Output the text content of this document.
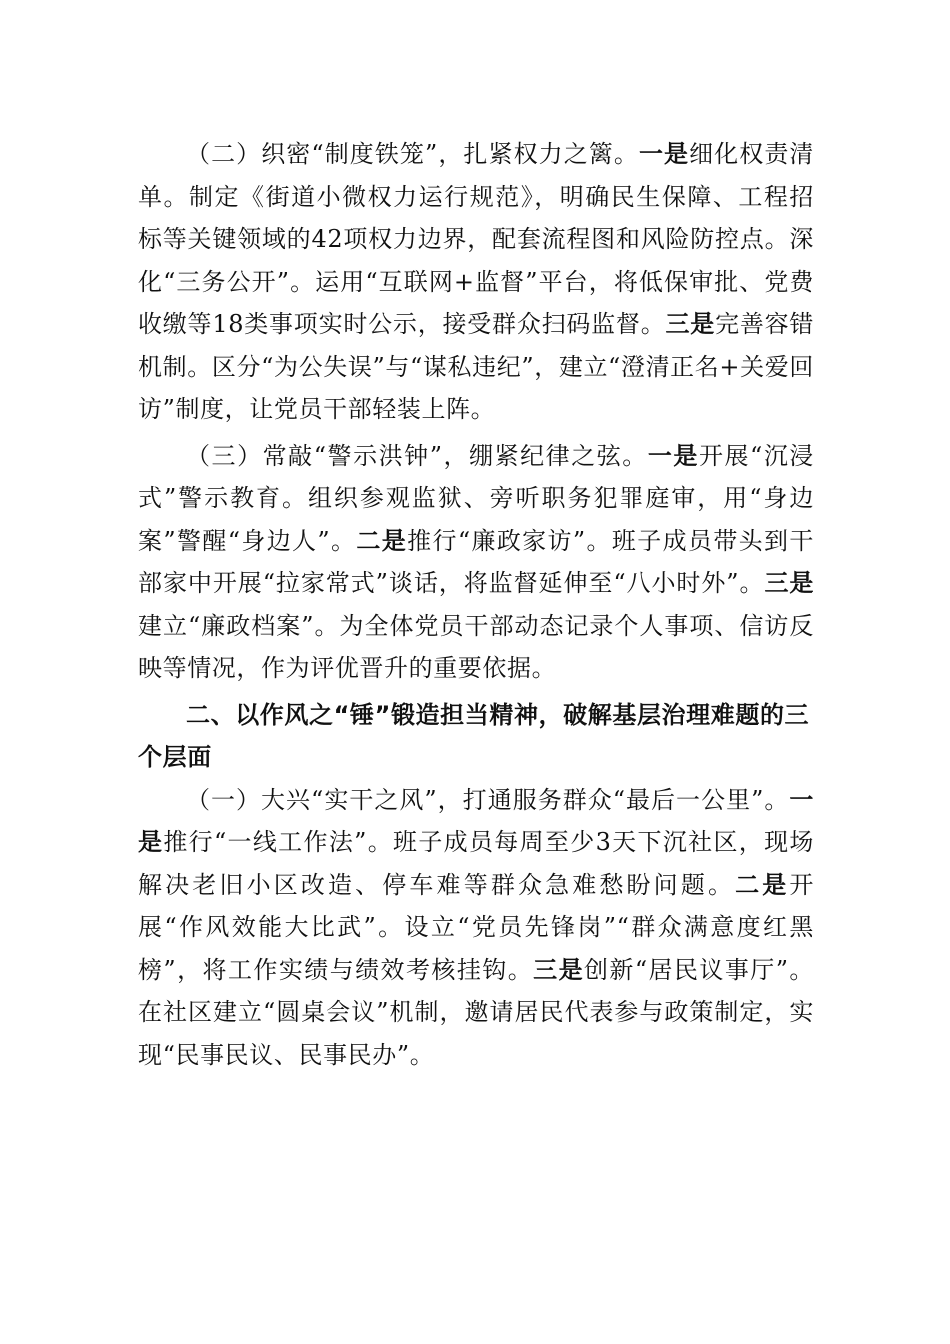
（二）织密“制度铁笼”，扎紧权力之篱。一是细化权责清单。制定《街道小微权力运行规范》，明确民生保障、工程招标等关键领域的42项权力边界，配套流程图和风险防控点。深化“三务公开”。运用“互联网+监督”平台，将低保审批、党费收缴等18类事项实时公示，接受群众扫码监督。三是完善容错机制。区分“为公失误”与“谋私违纪”，建立“澄清正名+关爱回访”制度，让党员干部轻装上阵。

（三）常敲“警示洪钟”，绷紧纪律之弦。一是开展“沉浸式”警示教育。组织参观监狱、旁听职务犯罪庭审，用“身边案”警醒“身边人”。二是推行“廉政家访”。班子成员带头到干部家中开展“拉家常式”谈话，将监督延伸至“八小时外”。三是建立“廉政档案”。为全体党员干部动态记录个人事项、信访反映等情况，作为评优晋升的重要依据。

二、以作风之“锤”锻造担当精神，破解基层治理难题的三个层面

（一）大兴“实干之风”，打通服务群众“最后一公里”。一是推行“一线工作法”。班子成员每周至少3天下沉社区，现场解决老旧小区改造、停车难等群众急难愁盼问题。二是开展“作风效能大比武”。设立“党员先锋岗”“群众满意度红黑榜”，将工作实绩与绩效考核挂钩。三是创新“居民议事厅”。在社区建立“圆桌会议”机制，邀请居民代表参与政策制定，实现“民事民议、民事民办”。
